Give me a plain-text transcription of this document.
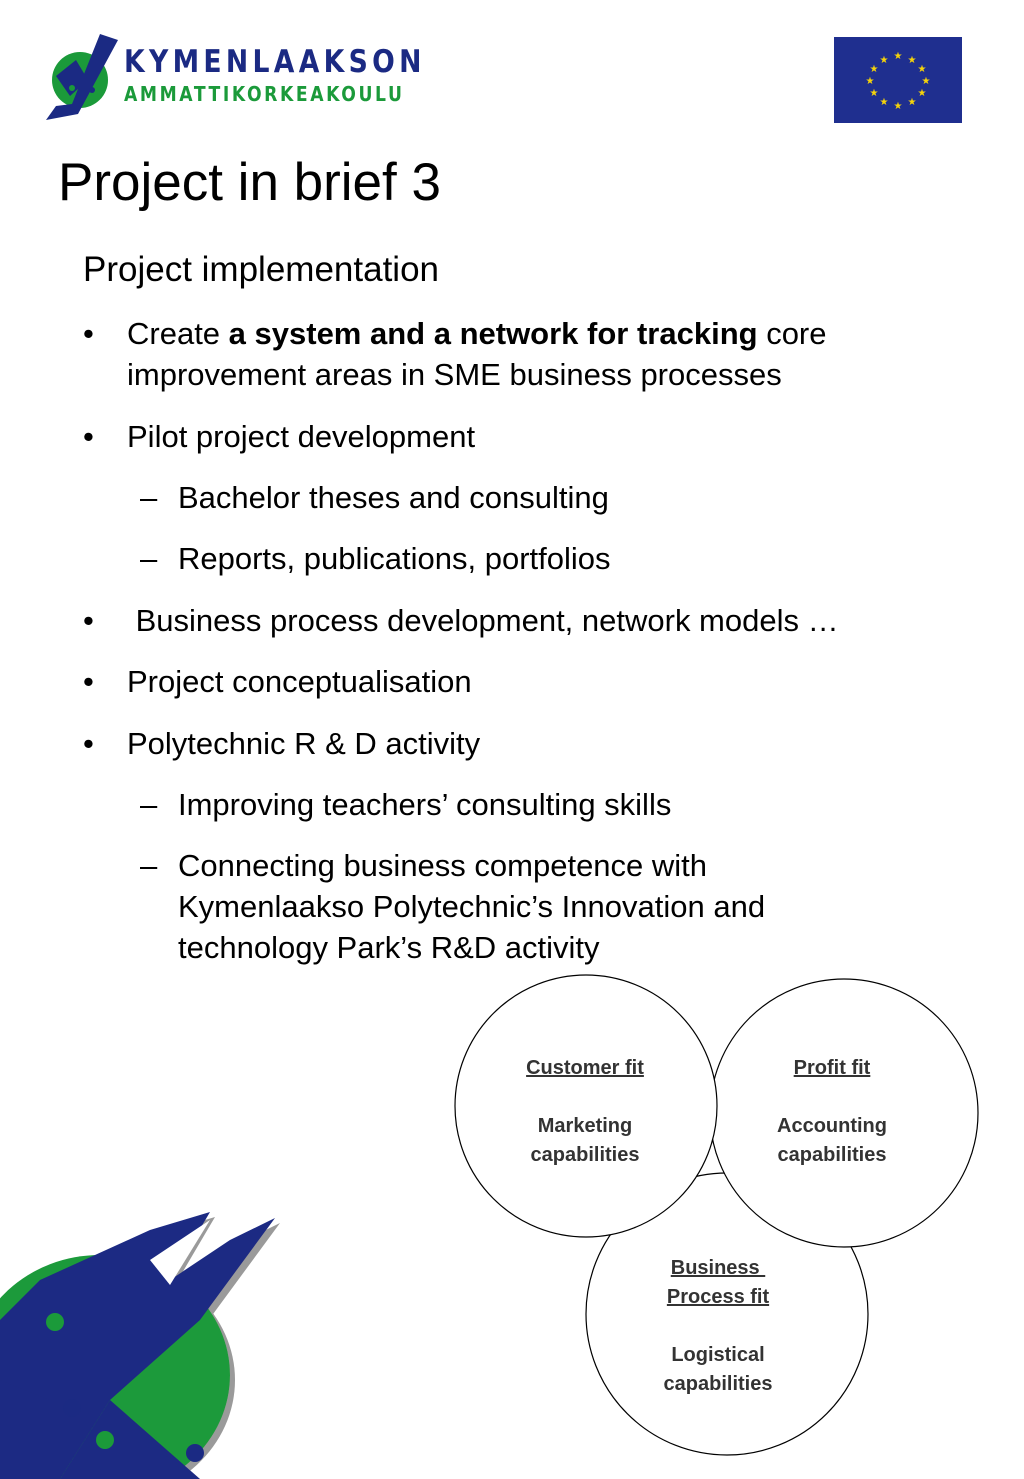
KYMENLAAKSON
AMMATTIKORKEAKOULU
★ ★
★
★
★
★
★
★
★
★
★
★
Project in brief 3
Project implementation
• Create a system and a network for tracking core improvement areas in SME business processes
• Pilot project development
– Bachelor theses and consulting
– Reports, publications, portfolios
• Business process development, network models …
• Project conceptualisation
• Polytechnic R & D activity
– Improving teachers’ consulting skills
– Connecting business competence with Kymenlaakso Polytechnic’s Innovation and technology Park’s R&D activity
Customer fit
Marketing
capabilities
Profit fit
Accounting
capabilities
Business
Process fit
Logistical
capabilities
